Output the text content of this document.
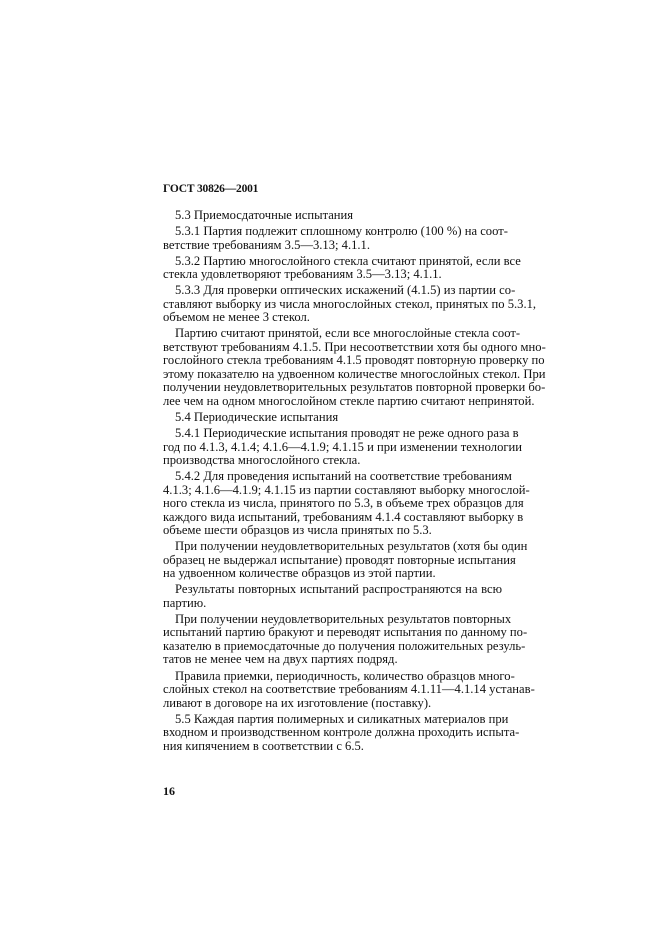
ГОСТ 30826—2001
5.3 Приемосдаточные испытания
5.3.1 Партия подлежит сплошному контролю (100 %) на соот-
ветствие требованиям 3.5—3.13; 4.1.1.
5.3.2 Партию многослойного стекла считают принятой, если все
стекла удовлетворяют требованиям 3.5—3.13; 4.1.1.
5.3.3 Для проверки оптических искажений (4.1.5) из партии со-
ставляют выборку из числа многослойных стекол, принятых по 5.3.1,
объемом не менее 3 стекол.
Партию считают принятой, если все многослойные стекла соот-
ветствуют требованиям 4.1.5. При несоответствии хотя бы одного мно-
гослойного стекла требованиям 4.1.5 проводят повторную проверку по
этому показателю на удвоенном количестве многослойных стекол. При
получении неудовлетворительных результатов повторной проверки бо-
лее чем на одном многослойном стекле партию считают непринятой.
5.4 Периодические испытания
5.4.1 Периодические испытания проводят не реже одного раза в
год по 4.1.3, 4.1.4; 4.1.6—4.1.9; 4.1.15 и при изменении технологии
производства многослойного стекла.
5.4.2 Для проведения испытаний на соответствие требованиям
4.1.3; 4.1.6—4.1.9; 4.1.15 из партии составляют выборку многослой-
ного стекла из числа, принятого по 5.3, в объеме трех образцов для
каждого вида испытаний, требованиям 4.1.4 составляют выборку в
объеме шести образцов из числа принятых по 5.3.
При получении неудовлетворительных результатов (хотя бы один
образец не выдержал испытание) проводят повторные испытания
на удвоенном количестве образцов из этой партии.
Результаты повторных испытаний распространяются на всю
партию.
При получении неудовлетворительных результатов повторных
испытаний партию бракуют и переводят испытания по данному по-
казателю в приемосдаточные до получения положительных резуль-
татов не менее чем на двух партиях подряд.
Правила приемки, периодичность, количество образцов много-
слойных стекол на соответствие требованиям 4.1.11—4.1.14 устанав-
ливают в договоре на их изготовление (поставку).
5.5 Каждая партия полимерных и силикатных материалов при
входном и производственном контроле должна проходить испыта-
ния кипячением в соответствии с 6.5.
16
